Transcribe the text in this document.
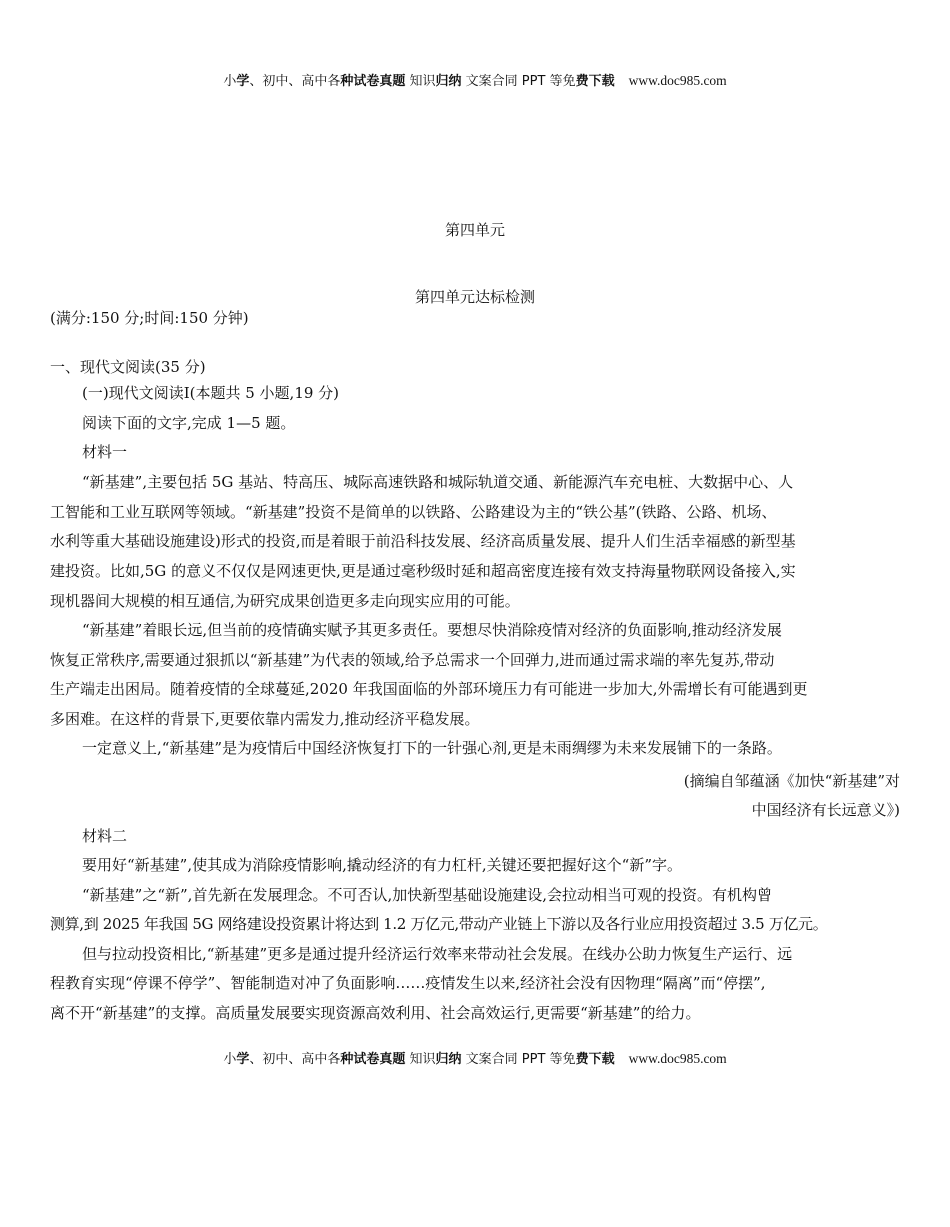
小学、初中、高中各种试卷真题 知识归纳 文案合同 PPT 等免费下载 www.doc985.com
第四单元
第四单元达标检测
(满分:150 分;时间:150 分钟)
一、现代文阅读(35 分)
(一)现代文阅读Ⅰ(本题共 5 小题,19 分)
阅读下面的文字,完成 1—5 题。
材料一
“新基建”,主要包括 5G 基站、特高压、城际高速铁路和城际轨道交通、新能源汽车充电桩、大数据中心、人
工智能和工业互联网等领域。“新基建”投资不是简单的以铁路、公路建设为主的“铁公基”(铁路、公路、机场、
水利等重大基础设施建设)形式的投资,而是着眼于前沿科技发展、经济高质量发展、提升人们生活幸福感的新型基
建投资。比如,5G 的意义不仅仅是网速更快,更是通过毫秒级时延和超高密度连接有效支持海量物联网设备接入,实
现机器间大规模的相互通信,为研究成果创造更多走向现实应用的可能。
“新基建”着眼长远,但当前的疫情确实赋予其更多责任。要想尽快消除疫情对经济的负面影响,推动经济发展
恢复正常秩序,需要通过狠抓以“新基建”为代表的领域,给予总需求一个回弹力,进而通过需求端的率先复苏,带动
生产端走出困局。随着疫情的全球蔓延,2020 年我国面临的外部环境压力有可能进一步加大,外需增长有可能遇到更
多困难。在这样的背景下,更要依靠内需发力,推动经济平稳发展。
一定意义上,“新基建”是为疫情后中国经济恢复打下的一针强心剂,更是未雨绸缪为未来发展铺下的一条路。
(摘编自邹蕴涵《加快“新基建”对
中国经济有长远意义》)
材料二
要用好“新基建”,使其成为消除疫情影响,撬动经济的有力杠杆,关键还要把握好这个“新”字。
“新基建”之“新”,首先新在发展理念。不可否认,加快新型基础设施建设,会拉动相当可观的投资。有机构曾
测算,到 2025 年我国 5G 网络建设投资累计将达到 1.2 万亿元,带动产业链上下游以及各行业应用投资超过 3.5 万亿元。
但与拉动投资相比,“新基建”更多是通过提升经济运行效率来带动社会发展。在线办公助力恢复生产运行、远
程教育实现“停课不停学”、智能制造对冲了负面影响……疫情发生以来,经济社会没有因物理“隔离”而“停摆”,
离不开“新基建”的支撑。高质量发展要实现资源高效利用、社会高效运行,更需要“新基建”的给力。
小学、初中、高中各种试卷真题 知识归纳 文案合同 PPT 等免费下载 www.doc985.com
